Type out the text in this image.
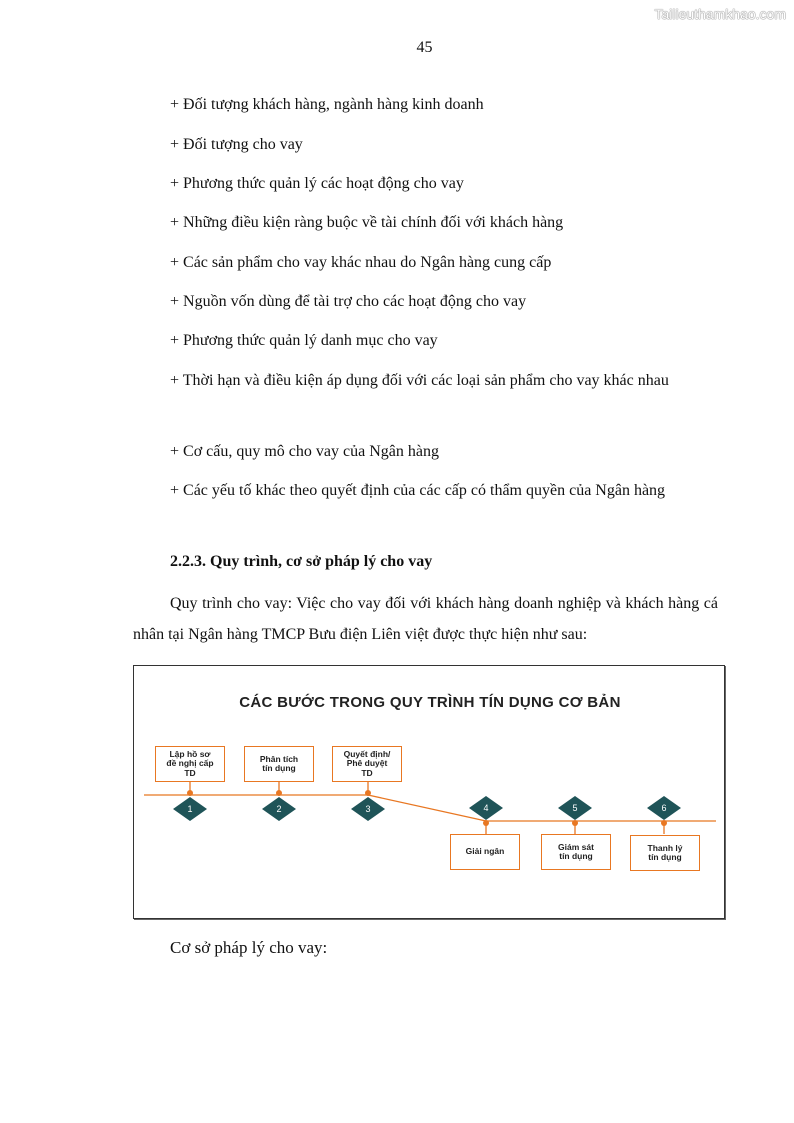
Tailieuthamkhao.com
45
+ Đối tượng khách hàng, ngành hàng kinh doanh
+ Đối tượng cho vay
+ Phương thức quản lý các hoạt động cho vay
+ Những điều kiện ràng buộc về tài chính đối với khách hàng
+ Các sản phẩm cho vay khác nhau do Ngân hàng cung cấp
+ Nguồn vốn dùng để tài trợ cho các hoạt động cho vay
+ Phương thức quản lý danh mục cho vay
+ Thời hạn và điều kiện áp dụng đối với các loại sản phẩm cho vay khác nhau
+ Cơ cấu, quy mô cho vay của Ngân hàng
+ Các yếu tố khác theo quyết định của các cấp có thẩm quyền của Ngân hàng
2.2.3. Quy trình, cơ sở pháp lý cho vay
Quy trình cho vay: Việc cho vay đối với khách hàng doanh nghiệp và khách hàng cá nhân tại Ngân hàng TMCP Bưu điện Liên việt được thực hiện như sau:
CÁC BƯỚC TRONG QUY TRÌNH TÍN DỤNG CƠ BẢN
1	2	3	4	5	6
Lập hồ sơ
đề nghị cấp
TD
Phân tích
tín dụng
Quyết định/
Phê duyệt
TD
Giải ngân	Giám sát
tín dụng
Thanh lý
tín dụng
Cơ sở pháp lý cho vay:
